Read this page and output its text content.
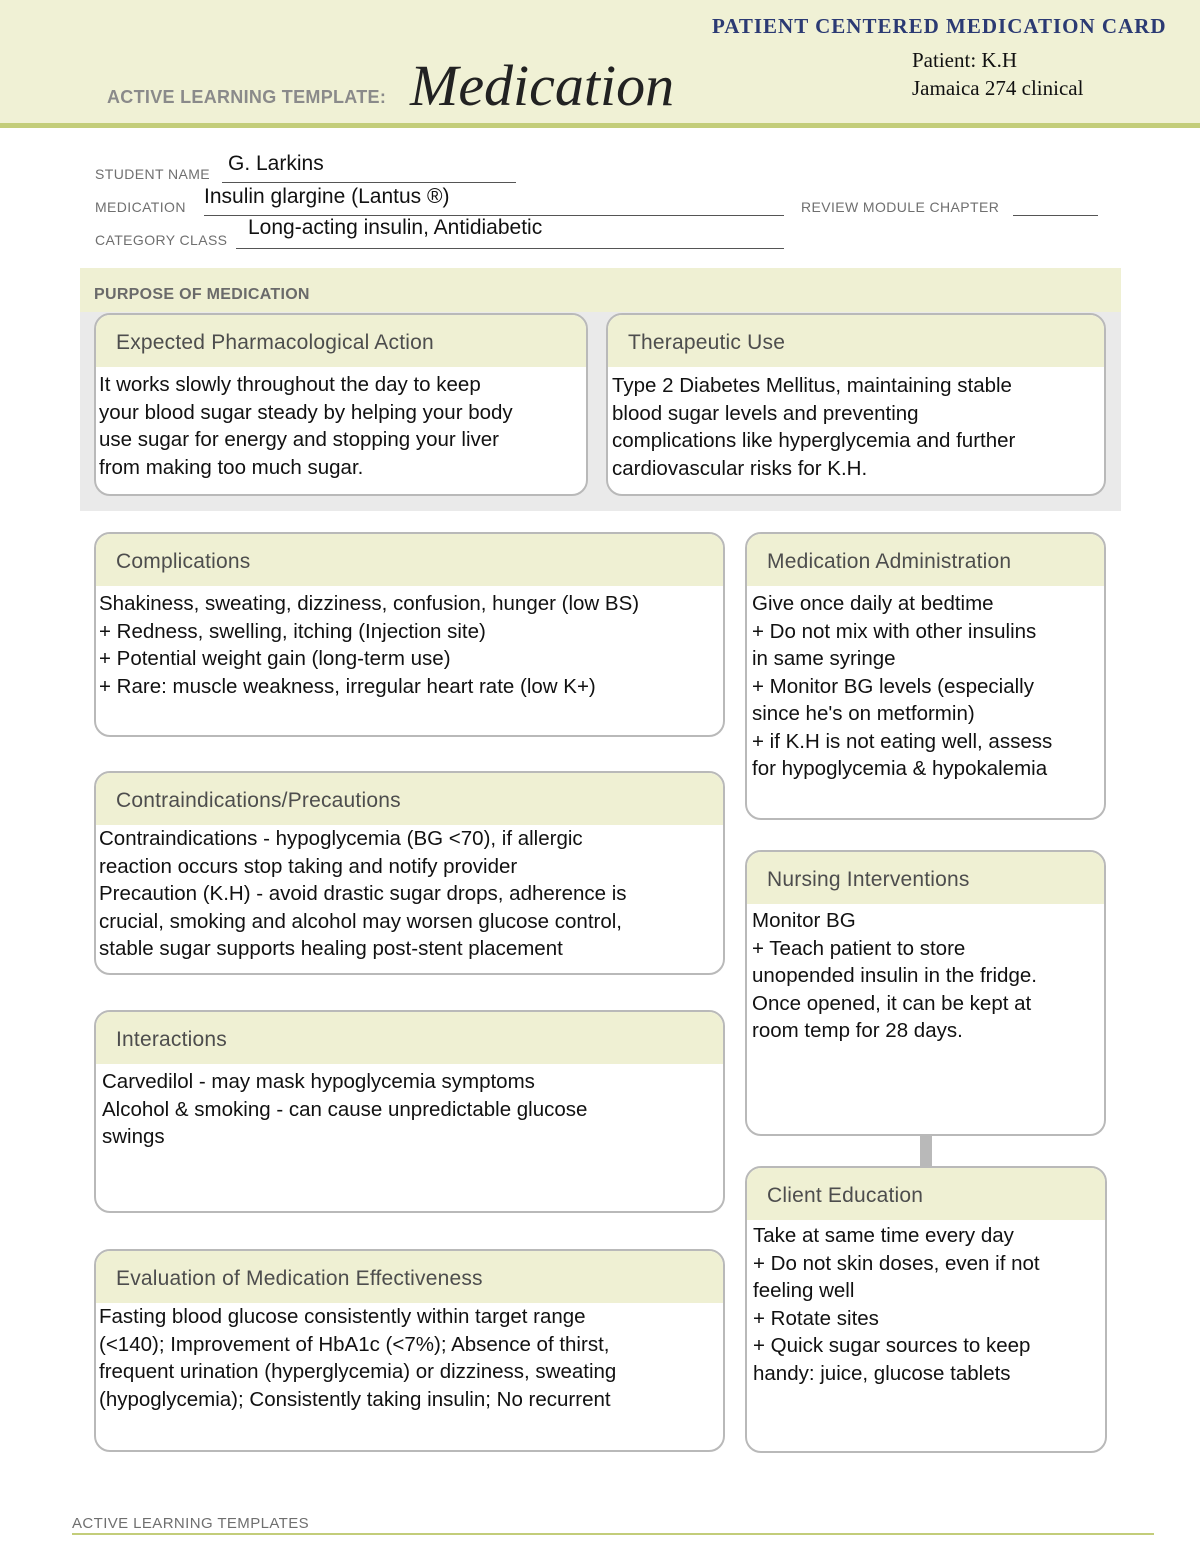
PATIENT CENTERED MEDICATION CARD
Patient: K.H
Jamaica 274 clinical
ACTIVE LEARNING TEMPLATE: Medication
STUDENT NAME G. Larkins
MEDICATION Insulin glargine (Lantus ®)	REVIEW MODULE CHAPTER
CATEGORY CLASS
Long-acting insulin, Antidiabetic
PURPOSE OF MEDICATION
Expected Pharmacological Action
It works slowly throughout the day to keep
your blood sugar steady by helping your body
use sugar for energy and stopping your liver
from making too much sugar.
Therapeutic Use
Type 2 Diabetes Mellitus, maintaining stable
blood sugar levels and preventing
complications like hyperglycemia and further
cardiovascular risks for K.H.
Complications
Shakiness, sweating, dizziness, confusion, hunger (low BS)
+ Redness, swelling, itching (Injection site)
+ Potential weight gain (long-term use)
+ Rare: muscle weakness, irregular heart rate (low K+)
Contraindications/Precautions
Contraindications - hypoglycemia (BG <70), if allergic
reaction occurs stop taking and notify provider
Precaution (K.H) - avoid drastic sugar drops, adherence is
crucial, smoking and alcohol may worsen glucose control,
stable sugar supports healing post-stent placement
Interactions
Carvedilol - may mask hypoglycemia symptoms
Alcohol & smoking - can cause unpredictable glucose
swings
Evaluation of Medication Effectiveness
Fasting blood glucose consistently within target range
(<140); Improvement of HbA1c (<7%); Absence of thirst,
frequent urination (hyperglycemia) or dizziness, sweating
(hypoglycemia); Consistently taking insulin; No recurrent
Medication Administration
Give once daily at bedtime
+ Do not mix with other insulins
in same syringe
+ Monitor BG levels (especially
since he's on metformin)
+ if K.H is not eating well, assess
for hypoglycemia & hypokalemia
Nursing Interventions
Monitor BG
+ Teach patient to store
unopended insulin in the fridge.
Once opened, it can be kept at
room temp for 28 days.
Client Education
Take at same time every day
+ Do not skin doses, even if not
feeling well
+ Rotate sites
+ Quick sugar sources to keep
handy: juice, glucose tablets
ACTIVE LEARNING TEMPLATES
